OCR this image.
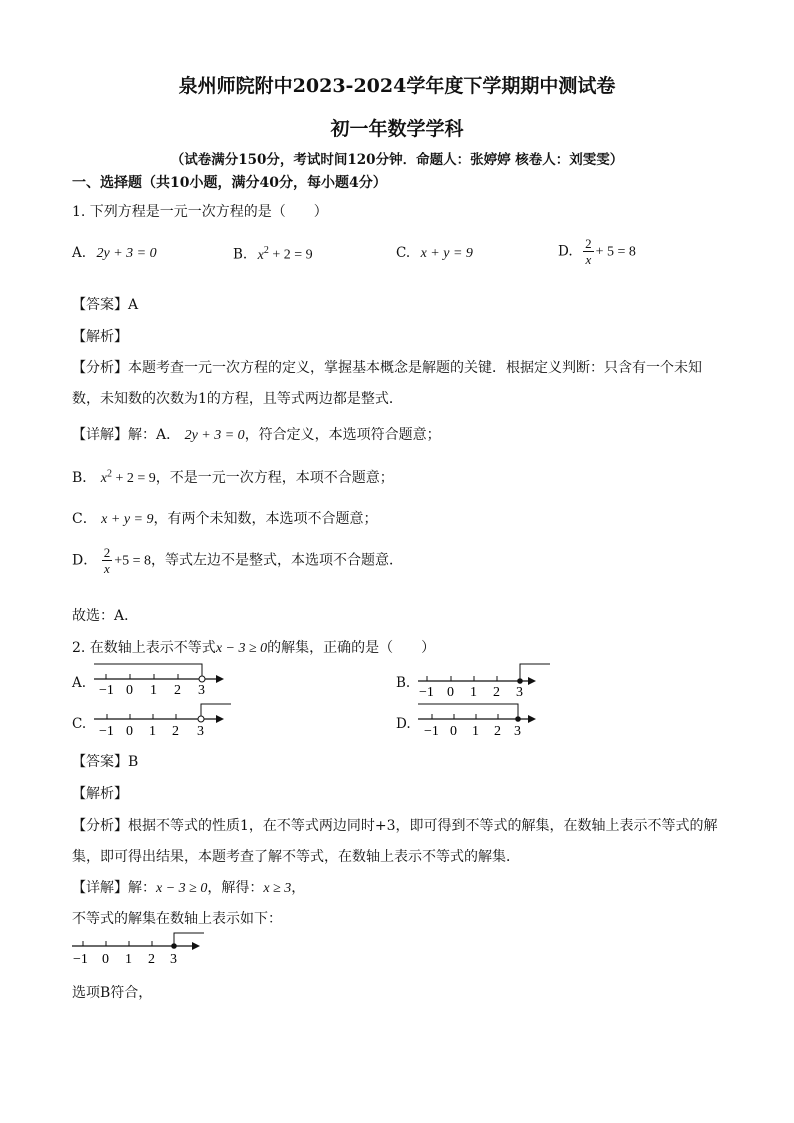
泉州师院附中2023-2024学年度下学期期中测试卷
初一年数学学科
（试卷满分150分，考试时间120分钟．命题人：张婷婷 核卷人：刘雯雯）
一、选择题（共10小题，满分40分，每小题4分）
1. 下列方程是一元一次方程的是（　　）
A. 2y + 3 = 0	B. $x^2 + 2 = 9$	C. x + y = 9	D. $\frac{2}{x} + 5 = 8$
【答案】A
【解析】
【分析】本题考查一元一次方程的定义，掌握基本概念是解题的关键．根据定义判断：只含有一个未知
数，未知数的次数为1的方程，且等式两边都是整式．
【详解】解：A． 2y + 3 = 0，符合定义，本选项符合题意；
B． $x^2 + 2 = 9$，不是一元一次方程，本项不合题意；
C． x + y = 9，有两个未知数，本选项不合题意；
D． $\frac{2}{x} +5 = 8$，等式左边不是整式，本选项不合题意．
故选：A．
2. 在数轴上表示不等式x − 3 ≥ 0的解集，正确的是（　　）
A.	B.
C.	D.
−1 0 1 2 3	−1 0 1 2 3
−1 0 1 2 3	−1 0 1 2 3
−1 0 1 2 3
【答案】B
【解析】
【分析】根据不等式的性质1，在不等式两边同时+3，即可得到不等式的解集，在数轴上表示不等式的解
集，即可得出结果，本题考查了解不等式，在数轴上表示不等式的解集．
【详解】解：x − 3 ≥ 0，解得：x ≥ 3，
不等式的解集在数轴上表示如下：
选项B符合，
